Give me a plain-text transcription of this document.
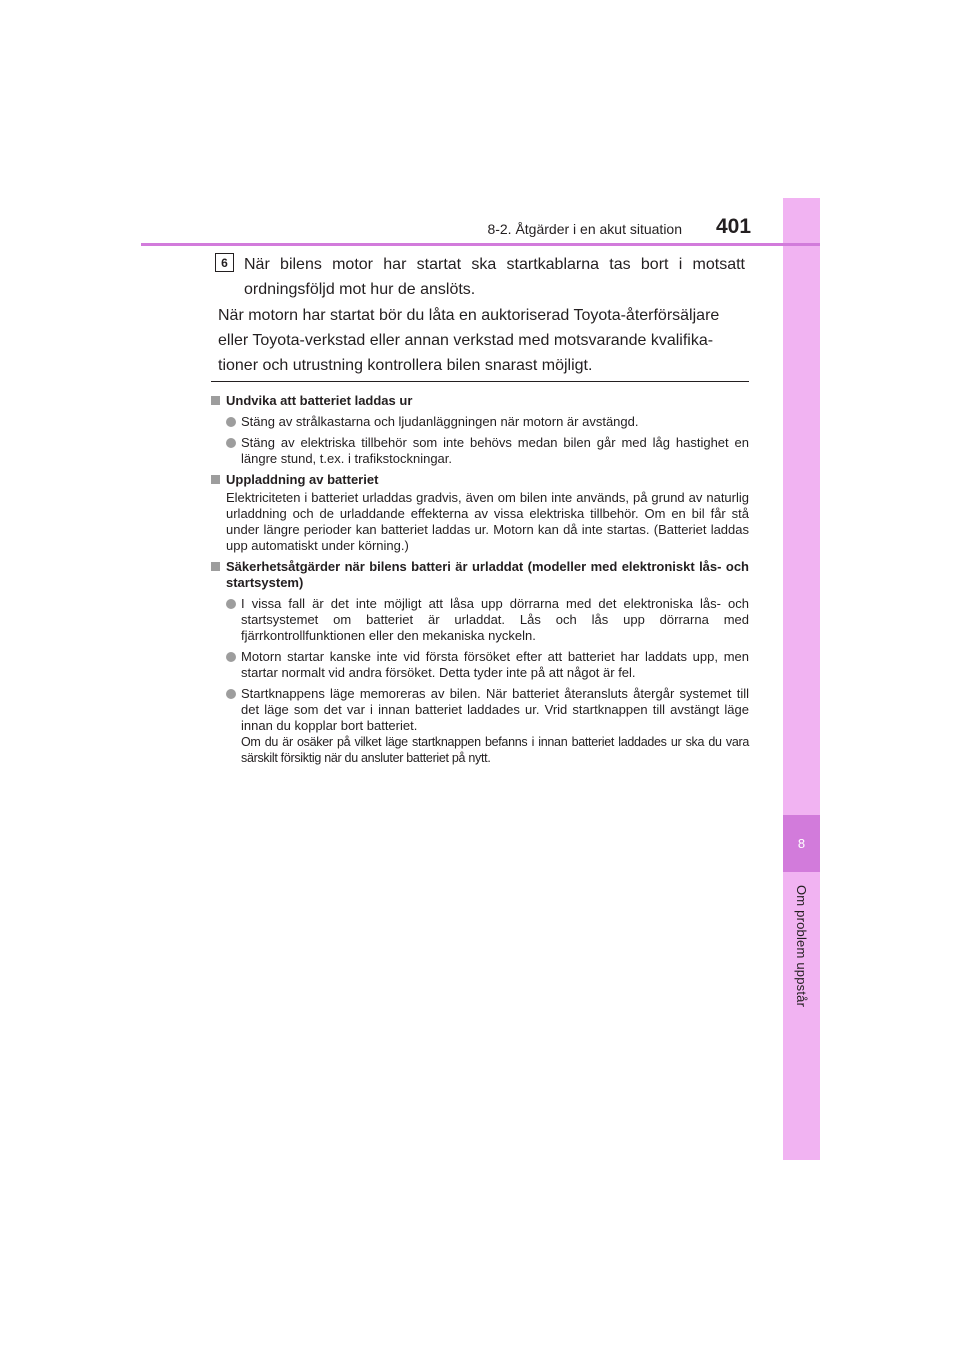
8
Om problem uppstår
8-2. Åtgärder i en akut situation 401
6	När bilens motor har startat ska startkablarna tas bort i motsatt ordningsföljd mot hur de anslöts.
När motorn har startat bör du låta en auktoriserad Toyota-återförsäljare eller Toyota-verkstad eller annan verkstad med motsvarande kvalifikationer och utrustning kontrollera bilen snarast möjligt.
Undvika att batteriet laddas ur
Stäng av strålkastarna och ljudanläggningen när motorn är avstängd.
Stäng av elektriska tillbehör som inte behövs medan bilen går med låg hastighet en längre stund, t.ex. i trafikstockningar.
Uppladdning av batteriet
Elektriciteten i batteriet urladdas gradvis, även om bilen inte används, på grund av naturlig urladdning och de urladdande effekterna av vissa elektriska tillbehör. Om en bil får stå under längre perioder kan batteriet laddas ur. Motorn kan då inte startas. (Batteriet laddas upp automatiskt under körning.)
Säkerhetsåtgärder när bilens batteri är urladdat (modeller med elektroniskt lås- och startsystem)
I vissa fall är det inte möjligt att låsa upp dörrarna med det elektroniska lås- och startsystemet om batteriet är urladdat. Lås och lås upp dörrarna med fjärrkontrollfunktionen eller den mekaniska nyckeln.
Motorn startar kanske inte vid första försöket efter att batteriet har laddats upp, men startar normalt vid andra försöket. Detta tyder inte på att något är fel.
Startknappens läge memoreras av bilen. När batteriet återansluts återgår systemet till det läge som det var i innan batteriet laddades ur. Vrid startknappen till avstängt läge innan du kopplar bort batteriet.
Om du är osäker på vilket läge startknappen befanns i innan batteriet laddades ur ska du vara särskilt försiktig när du ansluter batteriet på nytt.
